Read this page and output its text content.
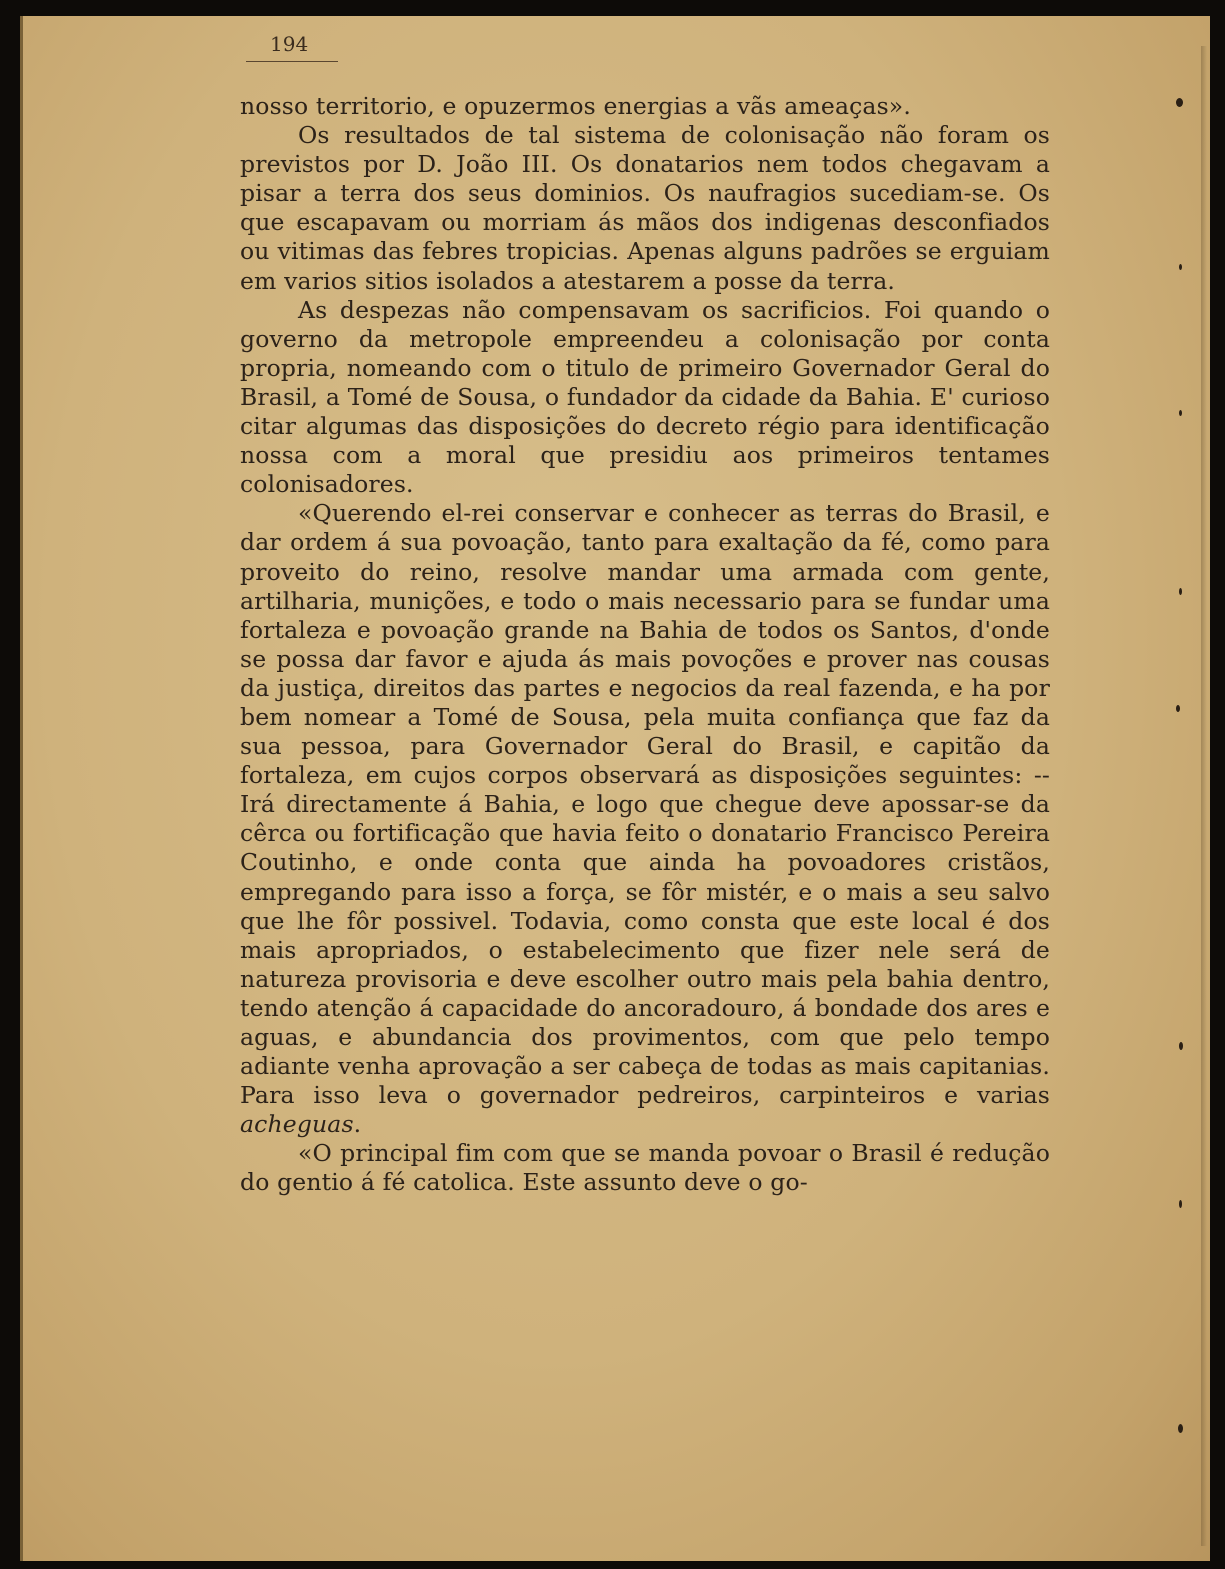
194

nosso territorio, e opuzermos energias a vãs ameaças».

Os resultados de tal sistema de colonisação não foram os previstos por D. João III. Os donatarios nem todos chegavam a pisar a terra dos seus dominios. Os naufragios sucediam-se. Os que escapavam ou morriam ás mãos dos indigenas desconfiados ou vitimas das febres tropicias. Apenas alguns padrões se erguiam em varios sitios isolados a atestarem a posse da terra.

As despezas não compensavam os sacrificios. Foi quando o governo da metropole empreendeu a colonisação por conta propria, nomeando com o titulo de primeiro Governador Geral do Brasil, a Tomé de Sousa, o fundador da cidade da Bahia. E' curioso citar algumas das disposições do decreto régio para identificação nossa com a moral que presidiu aos primeiros tentames colonisadores.

«Querendo el-rei conservar e conhecer as terras do Brasil, e dar ordem á sua povoação, tanto para exaltação da fé, como para proveito do reino, resolve mandar uma armada com gente, artilharia, munições, e todo o mais necessario para se fundar uma fortaleza e povoação grande na Bahia de todos os Santos, d'onde se possa dar favor e ajuda ás mais povoções e prover nas cousas da justiça, direitos das partes e negocios da real fazenda, e ha por bem nomear a Tomé de Sousa, pela muita confiança que faz da sua pessoa, para Governador Geral do Brasil, e capitão da fortaleza, em cujos corpos observará as disposições seguintes: --Irá directamente á Bahia, e logo que chegue deve apossar-se da cêrca ou fortificação que havia feito o donatario Francisco Pereira Coutinho, e onde conta que ainda ha povoadores cristãos, empregando para isso a força, se fôr mistér, e o mais a seu salvo que lhe fôr possivel. Todavia, como consta que este local é dos mais apropriados, o estabelecimento que fizer nele será de natureza provisoria e deve escolher outro mais pela bahia dentro, tendo atenção á capacidade do ancoradouro, á bondade dos ares e aguas, e abundancia dos provimentos, com que pelo tempo adiante venha aprovação a ser cabeça de todas as mais capitanias. Para isso leva o governador pedreiros, carpinteiros e varias acheguas.

«O principal fim com que se manda povoar o Brasil é redução do gentio á fé catolica. Este assunto deve o go-
